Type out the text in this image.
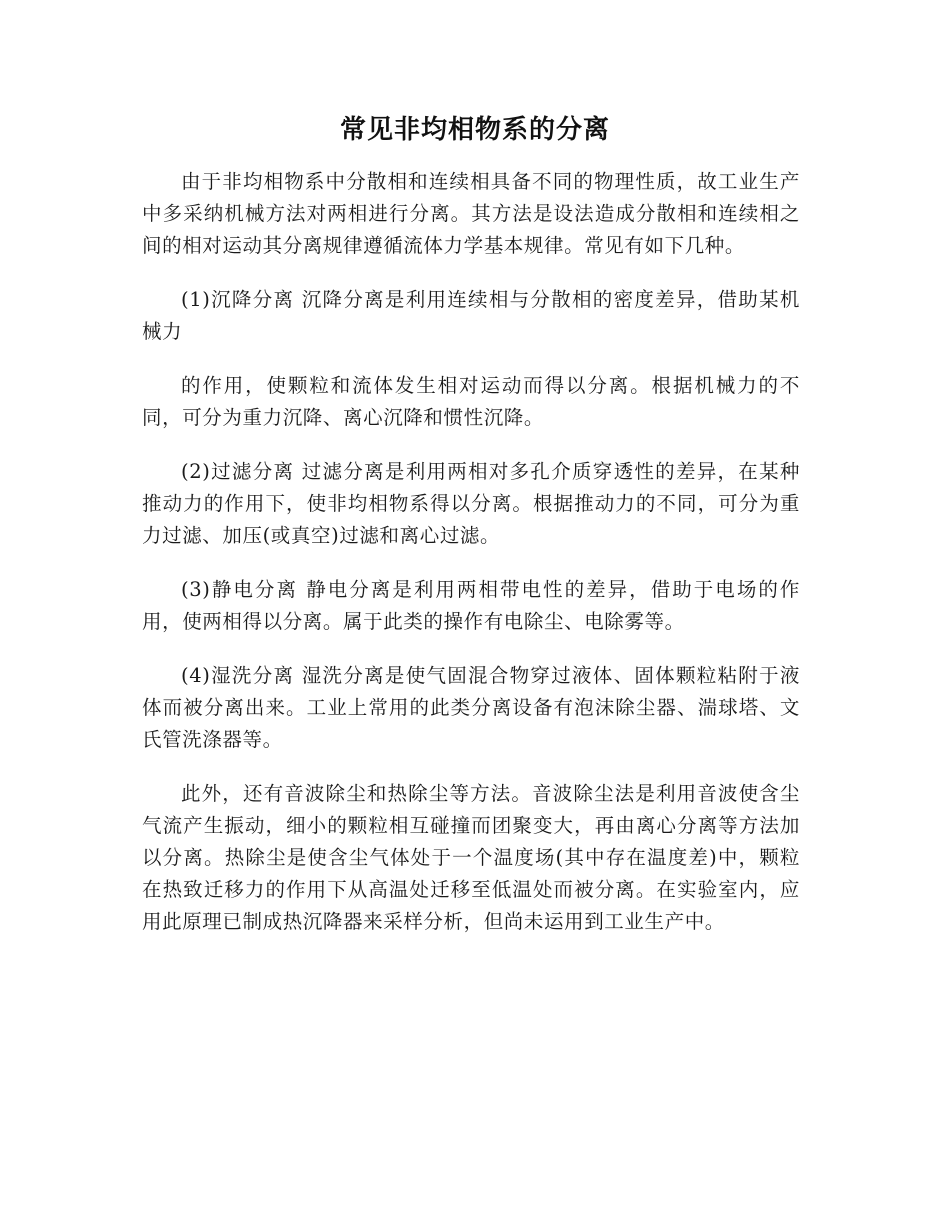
常见非均相物系的分离

由于非均相物系中分散相和连续相具备不同的物理性质，故工业生产中多采纳机械方法对两相进行分离。其方法是设法造成分散相和连续相之间的相对运动其分离规律遵循流体力学基本规律。常见有如下几种。

(1)沉降分离 沉降分离是利用连续相与分散相的密度差异，借助某机械力

的作用，使颗粒和流体发生相对运动而得以分离。根据机械力的不同，可分为重力沉降、离心沉降和惯性沉降。

(2)过滤分离 过滤分离是利用两相对多孔介质穿透性的差异，在某种推动力的作用下，使非均相物系得以分离。根据推动力的不同，可分为重力过滤、加压(或真空)过滤和离心过滤。

(3)静电分离 静电分离是利用两相带电性的差异，借助于电场的作用，使两相得以分离。属于此类的操作有电除尘、电除雾等。

(4)湿洗分离 湿洗分离是使气固混合物穿过液体、固体颗粒粘附于液体而被分离出来。工业上常用的此类分离设备有泡沫除尘器、湍球塔、文氏管洗涤器等。

此外，还有音波除尘和热除尘等方法。音波除尘法是利用音波使含尘气流产生振动，细小的颗粒相互碰撞而团聚变大，再由离心分离等方法加以分离。热除尘是使含尘气体处于一个温度场(其中存在温度差)中，颗粒在热致迁移力的作用下从高温处迁移至低温处而被分离。在实验室内，应用此原理已制成热沉降器来采样分析，但尚未运用到工业生产中。
